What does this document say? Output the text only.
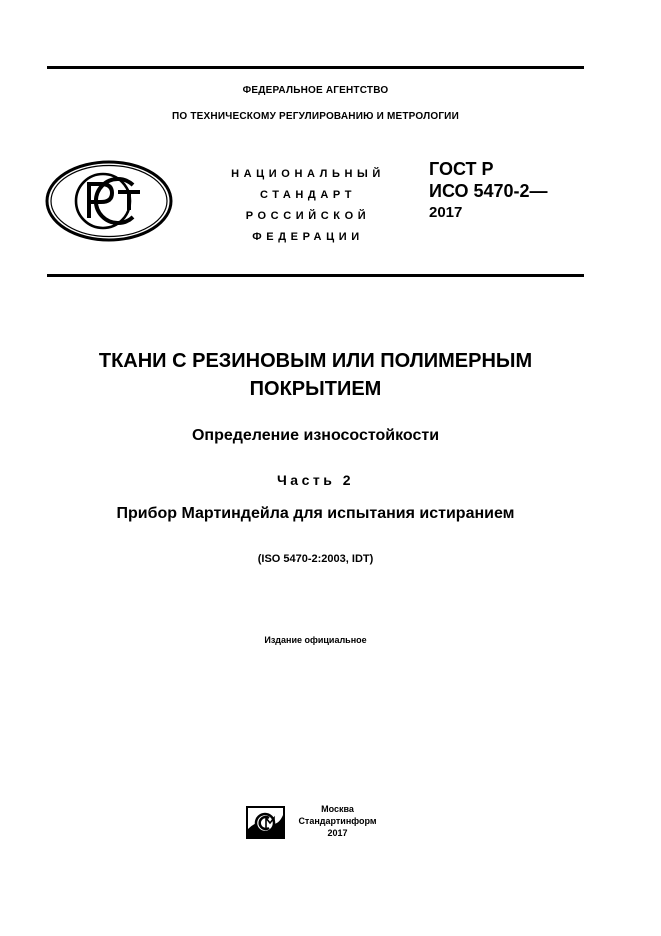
ФЕДЕРАЛЬНОЕ АГЕНТСТВО
ПО ТЕХНИЧЕСКОМУ РЕГУЛИРОВАНИЮ И МЕТРОЛОГИИ
НАЦИОНАЛЬНЫЙ
СТАНДАРТ
РОССИЙСКОЙ
ФЕДЕРАЦИИ
ГОСТ Р
ИСО 5470-2—
2017
ТКАНИ С РЕЗИНОВЫМ ИЛИ ПОЛИМЕРНЫМ
ПОКРЫТИЕМ
Определение износостойкости
Часть 2
Прибор Мартиндейла для испытания истиранием
(ISO 5470-2:2003, IDT)
Издание официальное
Москва
Стандартинформ
2017
